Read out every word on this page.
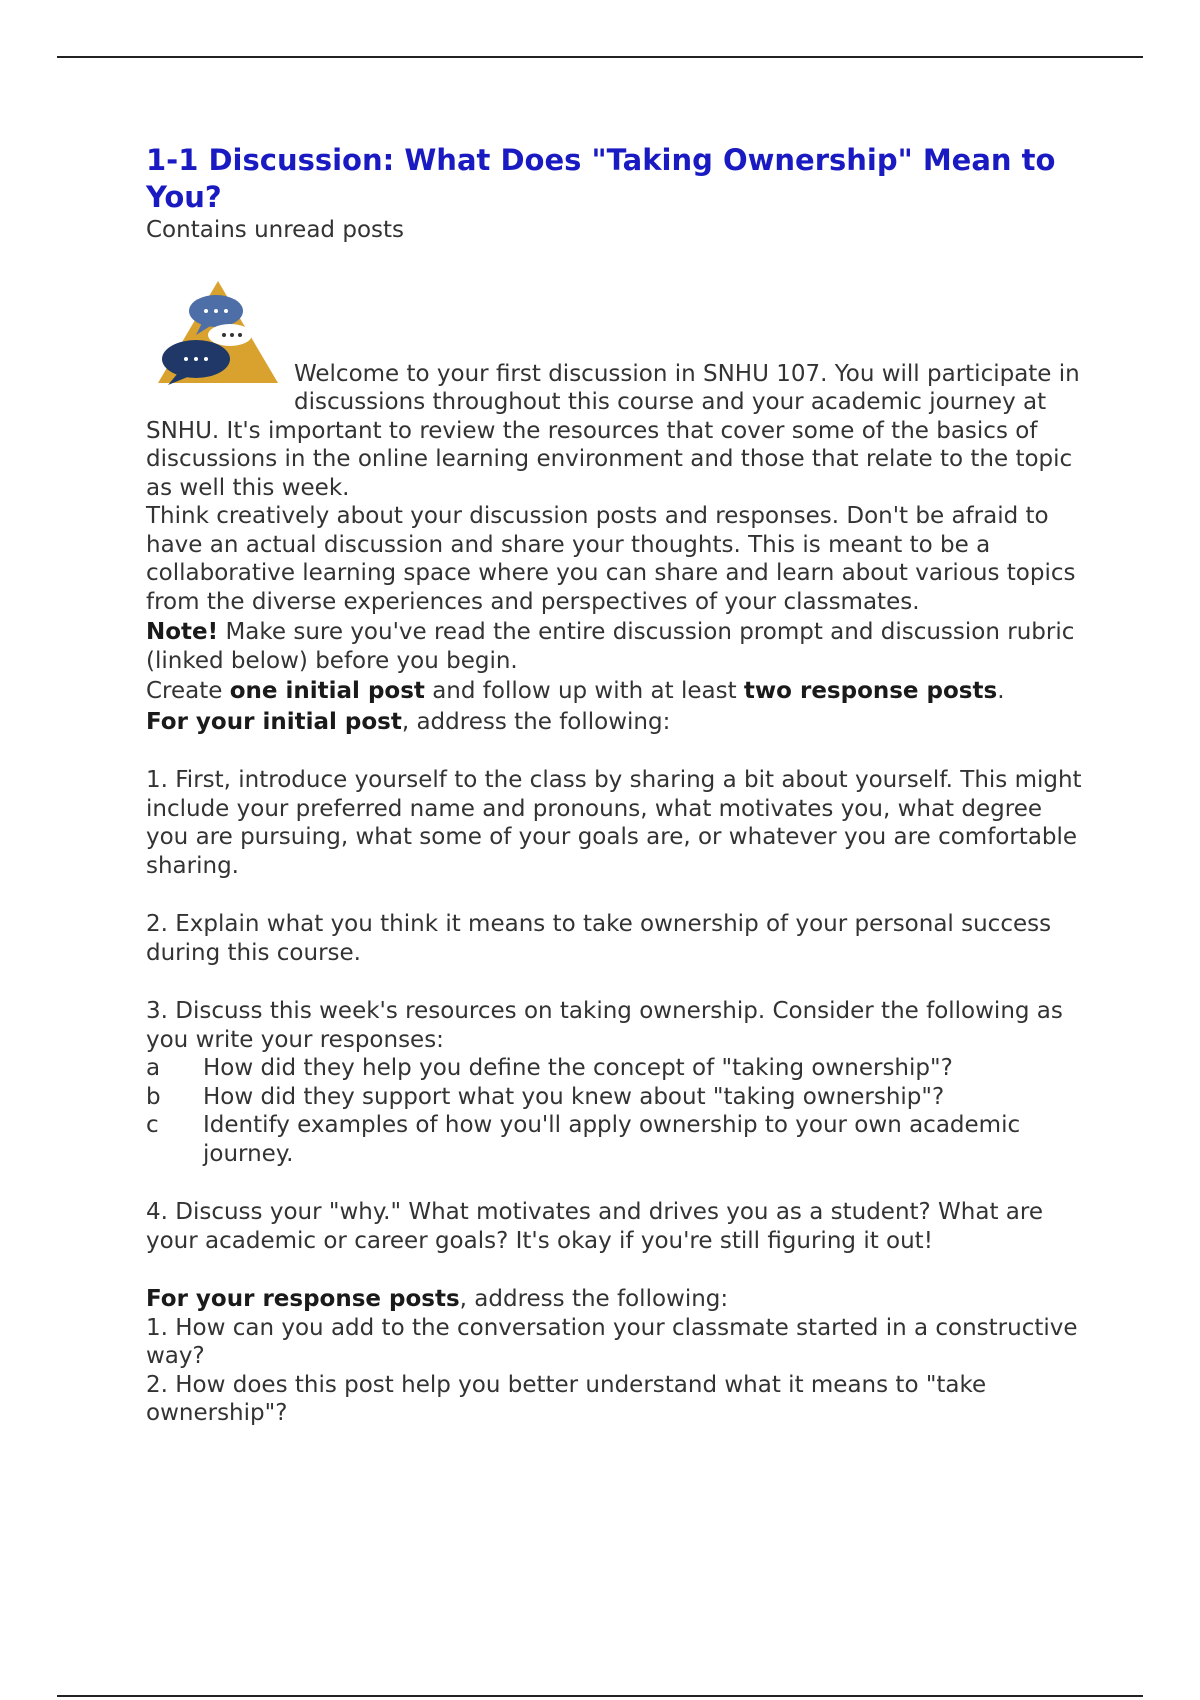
1-1 Discussion: What Does "Taking Ownership" Mean to You?

Contains unread posts

Welcome to your first discussion in SNHU 107. You will participate in discussions throughout this course and your academic journey at SNHU. It's important to review the resources that cover some of the basics of discussions in the online learning environment and those that relate to the topic as well this week.

Think creatively about your discussion posts and responses. Don't be afraid to have an actual discussion and share your thoughts. This is meant to be a collaborative learning space where you can share and learn about various topics from the diverse experiences and perspectives of your classmates.

Note! Make sure you've read the entire discussion prompt and discussion rubric (linked below) before you begin.

Create one initial post and follow up with at least two response posts.

For your initial post, address the following:

1. First, introduce yourself to the class by sharing a bit about yourself. This might include your preferred name and pronouns, what motivates you, what degree you are pursuing, what some of your goals are, or whatever you are comfortable sharing.

2. Explain what you think it means to take ownership of your personal success during this course.

3. Discuss this week's resources on taking ownership. Consider the following as you write your responses:

a	How did they help you define the concept of "taking ownership"?
b	How did they support what you knew about "taking ownership"?
c	Identify examples of how you'll apply ownership to your own academic journey.

4. Discuss your "why." What motivates and drives you as a student? What are your academic or career goals? It's okay if you're still figuring it out!

For your response posts, address the following:

1. How can you add to the conversation your classmate started in a constructive way?

2. How does this post help you better understand what it means to "take ownership"?
